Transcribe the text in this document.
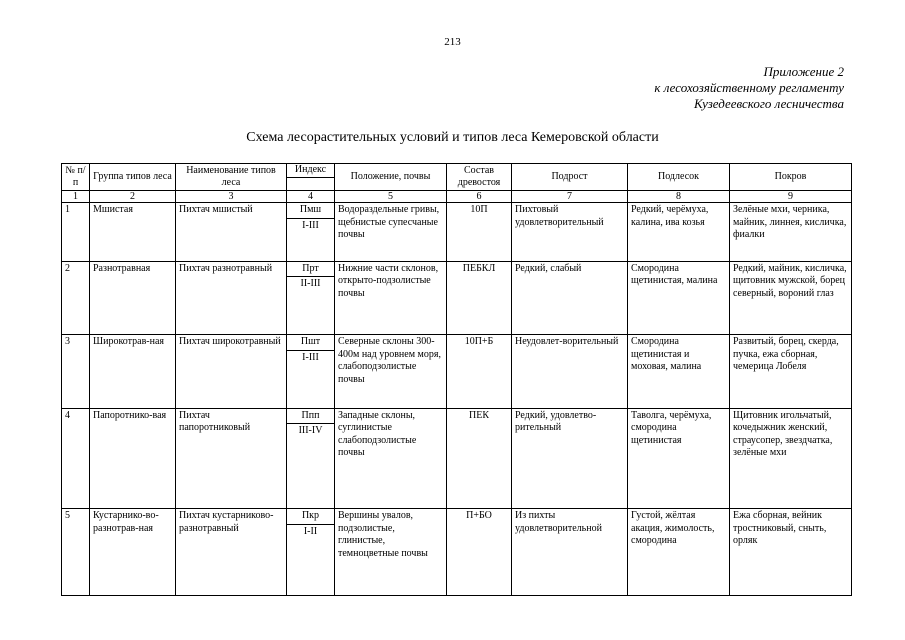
213
Приложение 2
к лесохозяйственному регламенту
Кузедеевского лесничества
Схема лесорастительных условий и типов леса Кемеровской области
№ п/п	Группа типов леса	Наименование типов леса	Индекс	Положение, почвы	Состав древостоя	Подрост	Подлесок	Покров

1	2	3	4	5	6	7	8	9
1	Мшистая	Пихтач мшистый	Пмш	Водораздельные гривы, щебнистые супесчаные почвы	10П	Пихтовый удовлетворительный	Редкий, черёмуха, калина, ива козья	Зелёные мхи, черника, майник, линнея, кисличка, фиалки
			I-III					
2	Разнотравная	Пихтач разнотравный	Прт	Нижние части склонов, открыто-подзолистые почвы	ПЕБКЛ	Редкий, слабый	Смородина щетинистая, малина	Редкий, майник, кисличка, щитовник мужской, борец северный, вороний глаз
			II-III					
3	Широкотрав-ная	Пихтач широкотравный	Пшт	Северные склоны 300-400м над уровнем моря, слабоподзолистые почвы	10П+Б	Неудовлет-ворительный	Смородина щетинистая и моховая, малина	Развитый, борец, скерда, пучка, ежа сборная, чемерица Лобеля
			I-III					
4	Папоротнико-вая	Пихтач папоротниковый	Ппп	Западные склоны, суглинистые слабоподзолистые почвы	ПЕК	Редкий, удовлетво-рительный	Таволга, черёмуха, смородина щетинистая	Щитовник игольчатый, кочедыжник женский, страусопер, звездчатка, зелёные мхи
			III-IV					
5	Кустарнико-во-разнотрав-ная	Пихтач кустарниково-разнотравный	Пкр	Вершины увалов, подзолистые, глинистые, темноцветные почвы	П+БО	Из пихты удовлетворительной	Густой, жёлтая акация, жимолость, смородина	Ежа сборная, вейник тростниковый, сныть, орляк
			I-II					
